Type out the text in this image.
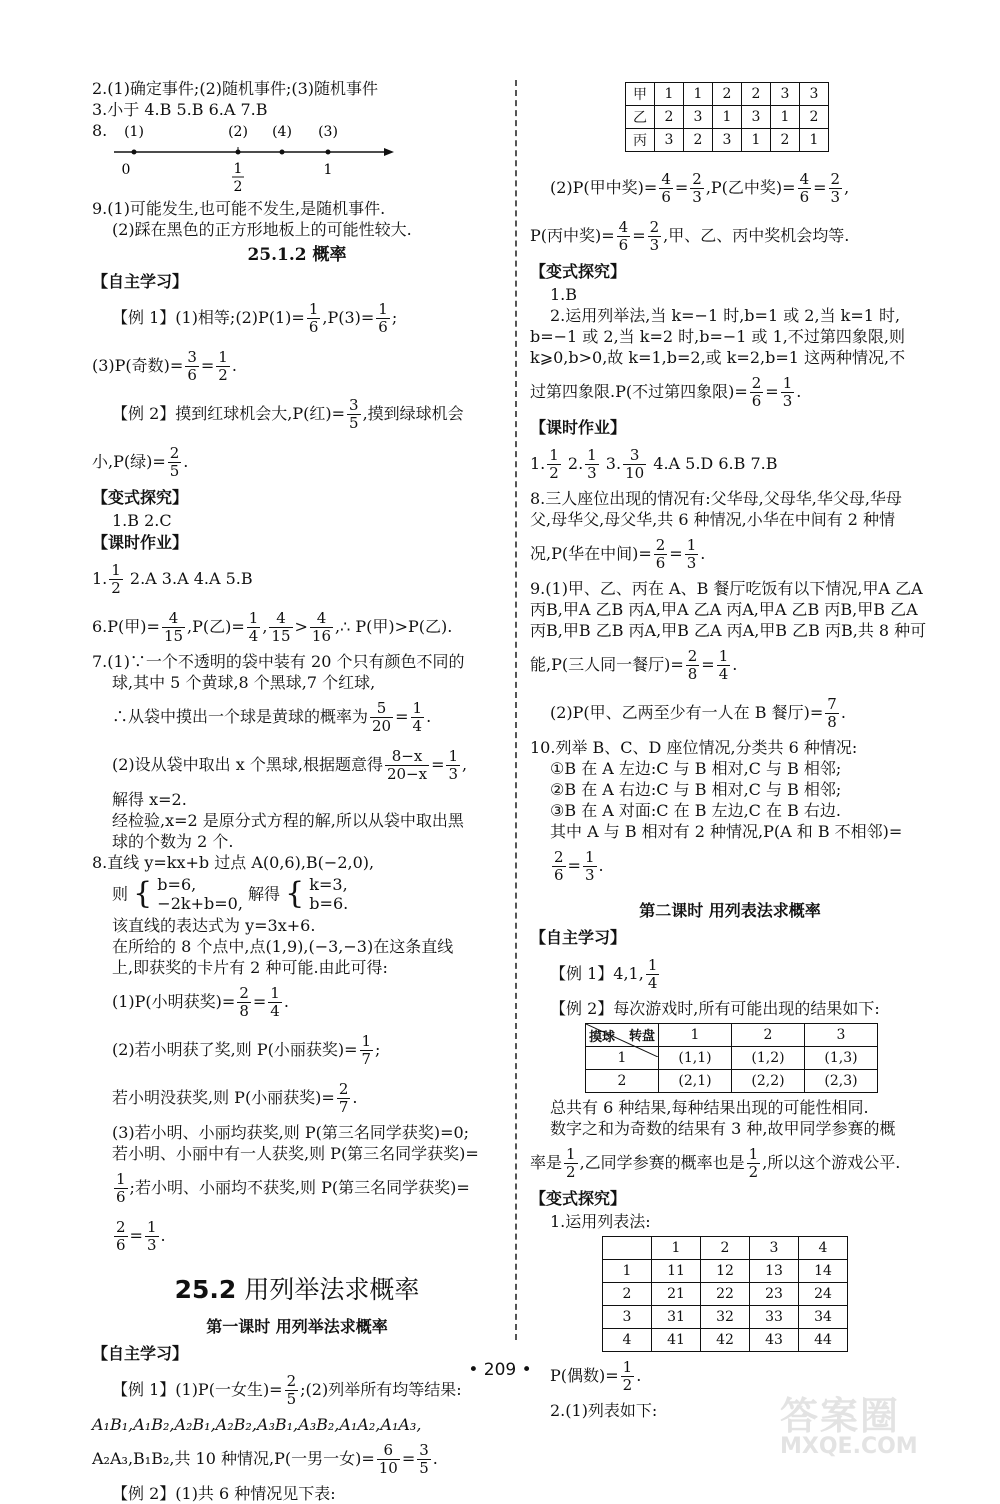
2.(1)确定事件;(2)随机事件;(3)随机事件
3.小于 4.B 5.B 6.A 7.B
8. (1)	(2) (4) (3)
0	1
2
1
9.(1)可能发生,也可能不发生,是随机事件.
(2)踩在黑色的正方形地板上的可能性较大.
25.1.2 概率
【自主学习】
【例 1】(1)相等;(2)P(1)= $\frac{1}{6} ,P(3)= \frac{1}{6}$ ;
(3)P(奇数)= $\frac{3}{6} = \frac{1}{2}$ .
【例 2】摸到红球机会大,P(红)= $\frac{3}{5}$ ,摸到绿球机会
小,P(绿)= $\frac{2}{5}$ .
【变式探究】
1.B 2.C
【课时作业】
1. $\frac{1}{2} 2.A$ 3.A 4.A 5.B
6.P(甲)= $\frac{4}{15} ,P$(乙)= $\frac{1}{4}$ , $\frac{4}{15} > \frac{4}{16}$ ,∴ P(甲)>P(乙).
7.(1)∵一个不透明的袋中装有 20 个只有颜色不同的
球,其中 5 个黄球,8 个黑球,7 个红球,
∴从袋中摸出一个球是黄球的概率为 $\frac{5}{20} = \frac{1}{4}$ .
(2)设从袋中取出 x 个黑球,根据题意得 $\frac{8-x}{20-x} = \frac{1}{3}$ ,
解得 x=2.
经检验,x=2 是原分式方程的解,所以从袋中取出黑
球的个数为 2 个.
8.直线 y=kx+b 过点 A(0,6),B(−2,0),
则 { b=6,
−2k+b=0, 解得 { k=3,
b=6.
该直线的表达式为 y=3x+6.
在所给的 8 个点中,点(1,9),(−3,−3)在这条直线
上,即获奖的卡片有 2 种可能.由此可得:
(1)P(小明获奖)= $\frac{2}{8} = \frac{1}{4}$ .
(2)若小明获了奖,则 P(小丽获奖)= $\frac{1}{7}$ ;
若小明没获奖,则 P(小丽获奖)= $\frac{2}{7}$ .
(3)若小明、小丽均获奖,则 P(第三名同学获奖)=0;
若小明、小丽中有一人获奖,则 P(第三名同学获奖)=
$\frac{1}{6}$ ;若小明、小丽均不获奖,则 P(第三名同学获奖)=
$\frac{2}{6} = \frac{1}{3}$ .
25.2 用列举法求概率
第一课时 用列举法求概率
【自主学习】
【例 1】(1)P(一女生)= $\frac{2}{5}$ ;(2)列举所有均等结果:
A₁B₁,A₁B₂,A₂B₁,A₂B₂,A₃B₁,A₃B₂,A₁A₂,A₁A₃,
A₂A₃,B₁B₂,共 10 种情况,P(一男一女)= $\frac{6}{10} = \frac{3}{5}$ .
【例 2】(1)共 6 种情况见下表:
甲	1	1	2	2	3	3
乙	2	3	1	3	1	2
丙	3	2	3	1	2	1
(2)P(甲中奖)= $\frac{4}{6} = \frac{2}{3} ,P$(乙中奖)= $\frac{4}{6} = \frac{2}{3}$ ,
P(丙中奖)= $\frac{4}{6} = \frac{2}{3}$ ,甲、乙、丙中奖机会均等.
【变式探究】
1.B
2.运用列举法,当 k=−1 时,b=1 或 2,当 k=1 时,
b=−1 或 2,当 k=2 时,b=−1 或 1,不过第四象限,则
k⩾0,b>0,故 k=1,b=2,或 k=2,b=1 这两种情况,不
过第四象限.P(不过第四象限)= $\frac{2}{6} = \frac{1}{3}$ .
【课时作业】
1. $\frac{1}{2} 2$. $\frac{1}{3} 3$. $\frac{3}{10} 4.A$ 5.D 6.B 7.B
8.三人座位出现的情况有:父华母,父母华,华父母,华母
父,母华父,母父华,共 6 种情况,小华在中间有 2 种情
况,P(华在中间)= $\frac{2}{6} = \frac{1}{3}$ .
9.(1)甲、乙、丙在 A、B 餐厅吃饭有以下情况,甲A 乙A
丙B,甲A 乙B 丙A,甲A 乙A 丙A,甲A 乙B 丙B,甲B 乙A
丙B,甲B 乙B 丙A,甲B 乙A 丙A,甲B 乙B 丙B,共 8 种可
能,P(三人同一餐厅)= $\frac{2}{8} = \frac{1}{4}$ .
(2)P(甲、乙两至少有一人在 B 餐厅)= $\frac{7}{8}$ .
10.列举 B、C、D 座位情况,分类共 6 种情况:
①B 在 A 左边:C 与 B 相对,C 与 B 相邻;
②B 在 A 右边:C 与 B 相对,C 与 B 相邻;
③B 在 A 对面:C 在 B 左边,C 在 B 右边.
其中 A 与 B 相对有 2 种情况,P(A 和 B 不相邻)=
$\frac{2}{6} = \frac{1}{3}$ .
第二课时 用列表法求概率
【自主学习】
【例 1】4,1, $\frac{1}{4}$
【例 2】每次游戏时,所有可能出现的结果如下:
转盘
摸球	1	2	3
1	(1,1)	(1,2)	(1,3)
2	(2,1)	(2,2)	(2,3)
总共有 6 种结果,每种结果出现的可能性相同.
数字之和为奇数的结果有 3 种,故甲同学参赛的概
率是 $\frac{1}{2}$ ,乙同学参赛的概率也是 $\frac{1}{2}$ ,所以这个游戏公平.
【变式探究】
1.运用列表法:
	1	2	3	4
1	11	12	13	14
2	21	22	23	24
3	31	32	33	34
4	41	42	43	44
P(偶数)= $\frac{1}{2}$ .
2.(1)列表如下:
• 209 •
答案圈
MXQE.COM
